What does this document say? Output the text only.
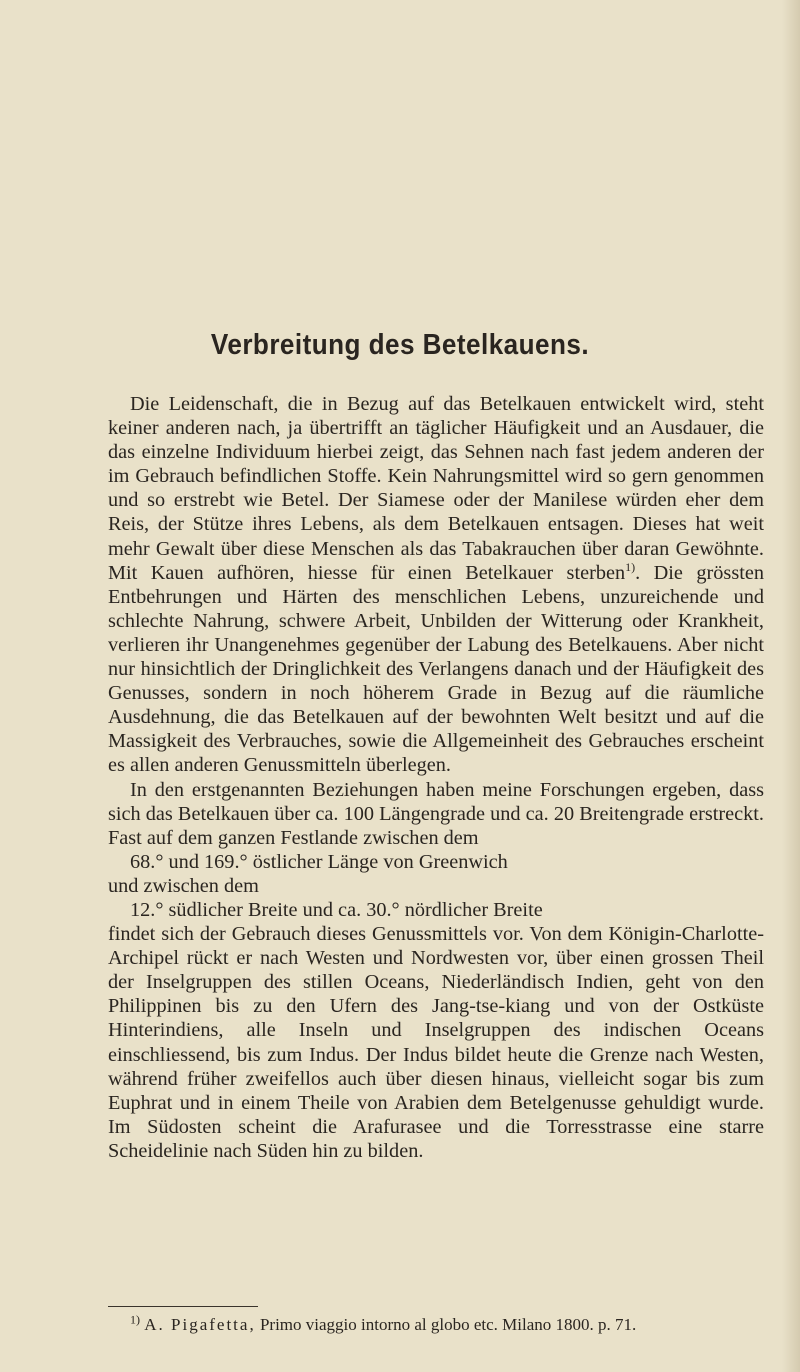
Verbreitung des Betelkauens.

Die Leidenschaft, die in Bezug auf das Betelkauen entwickelt wird, steht keiner anderen nach, ja übertrifft an täglicher Häufigkeit und an Ausdauer, die das einzelne Individuum hierbei zeigt, das Sehnen nach fast jedem anderen der im Gebrauch befindlichen Stoffe. Kein Nahrungsmittel wird so gern genommen und so erstrebt wie Betel. Der Siamese oder der Manilese würden eher dem Reis, der Stütze ihres Lebens, als dem Betelkauen entsagen. Dieses hat weit mehr Gewalt über diese Menschen als das Tabakrauchen über daran Gewöhnte. Mit Kauen aufhören, hiesse für einen Betelkauer sterben$^{1)}$. Die grössten Entbehrungen und Härten des menschlichen Lebens, unzureichende und schlechte Nahrung, schwere Arbeit, Unbilden der Witterung oder Krankheit, verlieren ihr Unangenehmes gegenüber der Labung des Betelkauens. Aber nicht nur hinsichtlich der Dringlichkeit des Verlangens danach und der Häufigkeit des Genusses, sondern in noch höherem Grade in Bezug auf die räumliche Ausdehnung, die das Betelkauen auf der bewohnten Welt besitzt und auf die Massigkeit des Verbrauches, sowie die Allgemeinheit des Gebrauches erscheint es allen anderen Genussmitteln überlegen.

In den erstgenannten Beziehungen haben meine Forschungen ergeben, dass sich das Betelkauen über ca. 100 Längengrade und ca. 20 Breitengrade erstreckt. Fast auf dem ganzen Festlande zwischen dem

68.° und 169.° östlicher Länge von Greenwich

und zwischen dem

12.° südlicher Breite und ca. 30.° nördlicher Breite

findet sich der Gebrauch dieses Genussmittels vor. Von dem Königin-Charlotte-Archipel rückt er nach Westen und Nordwesten vor, über einen grossen Theil der Inselgruppen des stillen Oceans, Niederländisch Indien, geht von den Philippinen bis zu den Ufern des Jang-tse-kiang und von der Ostküste Hinterindiens, alle Inseln und Inselgruppen des indischen Oceans einschliessend, bis zum Indus. Der Indus bildet heute die Grenze nach Westen, während früher zweifellos auch über diesen hinaus, vielleicht sogar bis zum Euphrat und in einem Theile von Arabien dem Betelgenusse gehuldigt wurde. Im Südosten scheint die Arafurasee und die Torresstrasse eine starre Scheidelinie nach Süden hin zu bilden.

$^{1)}$ A. Pigafetta, Primo viaggio intorno al globo etc. Milano 1800. p. 71.
